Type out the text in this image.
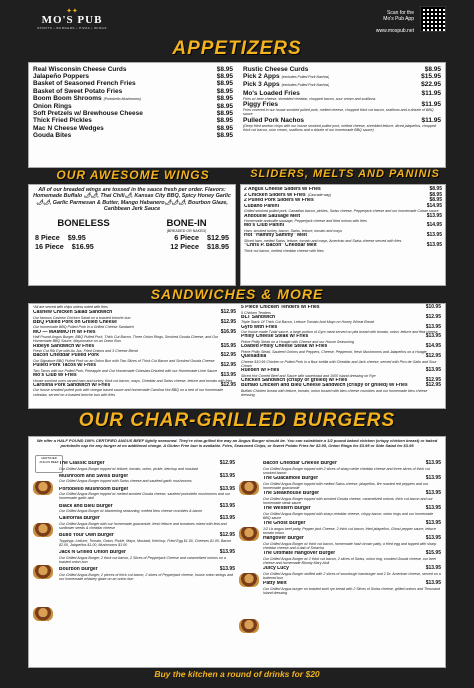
✦✦
MO'S PUB
SPIRITS • BURGERS • PIZZA • WINGS
Scan for the
Mo's Pub App
www.mospub.net
APPETIZERS
Real Wisconsin Cheese Curds	$8.95
Jalapeño Poppers	$8.95
Basket of Seasoned French Fries	$8.95
Basket of Sweet Potato Fries	$8.95
Boom Boom Shrooms (Portobello Mushrooms)	$8.95
Onion Rings	$8.95
Soft Pretzels w/ Brewhouse Cheese	$8.95
Thick Fried Pickles	$8.95
Mac N Cheese Wedges	$8.95
Gouda Bites	$8.95
Rustic Cheese Curds	$8.95
Pick 2 Apps (excludes Pulled Pork Nachos)	$15.95
Pick 3 Apps (excludes Pulled Pork Nachos)	$22.95
Mo's Loaded Fries	$11.95
Fries w/ beer cheese, shredded cheddar, chopped bacon, sour cream and scallions
Piggy Fries	$11.95
Fries covered in our house smoked pulled pork, melted cheese, chopped thick cut bacon, scallions and a drizzle of BBQ sauce
Pulled Pork Nachos	$11.95
(Deep fried wonton chips with our house smoked pulled pork, melted cheese, shredded lettuce, diced jalapeños, chopped thick cut bacon, sour cream, scallions and a drizzle of our homemade BBQ sauce)
OUR AWESOME WINGS
All of our breaded wings are tossed in the sauce fresh per order. Flavors: Homemade Buffalo 🌶🌶, Thai Chili🌶, Kansas City BBQ, Spicy Honey Garlic🌶🌶, Garlic Parmesan & Butter, Mango Habanero🌶🌶🌶, Bourbon Glaze, Caribbean Jerk Sauce
BONELESS	BONE-IN
(BREADED OR NAKED)
8 Piece $9.95	6 Piece $12.95
16 Piece $16.95	12 Piece $18.95
SLIDERS, MELTS AND PANINIS
2 Angus Cheese Sliders w/ Fries	$8.95
2 Chicken Sliders w/ Fries (Cascade way)	$8.95
2 Pulled Pork Sliders w/ Fries	$8.95
Cubano Panini	$14.95
Grilled smoked pulled pork, Canadian bacon, pickles, Swiss cheese, Pepperjack cheese and our homemade Cuban sauce
Andouille Sausage Melt	$13.95
Homemade andouille sausage, Pepperjack cheese and fried onions with fries
Mo's Club Panini	$14.95
Ham, smoked turkey, bacon, Swiss, lettuce, tomato and mayo
Hot "Hammy Sammy" Melt	$13.95
Sliced ham, melted Swiss, lettuce, tomato and mayo, American and Swiss cheese served with fries
"Chris P. Bacon" Cheddar Melt	$13.95
Thick cut bacon, melted cheddar cheese with fries
SANDWICHES & MORE
*All are served with chips unless noted with fries
Cashew Chicken Salad Sandwich	$12.95
Our famous Cashew Chicken Salad on a toasted brioche bun
BBQ Pulled Pork on Grilled Cheese	$12.95
Our homemade BBQ Pulled Pork in a Grilled Cheese Sandwich
MO — MAMMOTH w/ Fries	$16.95
Half Pound Angus Burger, BBQ Pulled Pork, Thick Cut Bacon, Three Onion Rings, Smoked Gouda Cheese, and Our Homemade BBQ Sauce, Mayonnaise on an Onion Bun
Ribeye Sandwich w/ Fries	$15.95
Fresh Cut Rib Eye with Au Jus, Fried Onions and 3 Cheese Blend
Bacon Cheddar Pulled Pork	$12.95
Our Signature BBQ Pulled Pork on an Onion Bun with Two Slices of Thick Cut Bacon and Smoked Gouda Cheese
Pulled Pork Tacos w/ Fries	$12.95
Two Tacos with our Pulled Pork, Pineapple and Our Homemade Coleslaw Drizzled with our Homemade Lime Sauce
Mo's Club w/ Fries	$13.95
House smoked oven carved ham and turkey, thick cut bacon, mayo, Cheddar and Swiss cheese, lettuce and tomato with fries
Carolina Pork Sandwich w/ Fries	$12.95
Our house smoked pulled pork with vinegar based sauce and homemade Carolina Hot BBQ on a bed of our homemade coleslaw, served on a toasted brioche bun with fries
5 Piece Chicken Tenders w/ Fries	$10.95
5 Chicken Tenders
BLT Sandwich	$12.95
Triple Stack Of Thick Cut Bacon, Lettuce Tomato And Mayo on Honey Wheat Bread
Gyro with Fries	$13.95
Our house made Tzaki sauce, a large portion of Gyro meat served on pita bread with tomato, onion, lettuce and feta cheese
Philly Cheese Steak w/ Fries	$13.95
Prime Philly Steak on a Hoagie with Cheese and our House Seasoning
Loaded Philly Cheese Steak w/ Fries	$14.95
Prime Philly Steak, Sauteed Onions and Peppers, Cheese, Pepperoni, fresh Mushrooms and Jalapeños on a Hoagie
Quesadilla	$12.95
Cheese $10.95 Chicken or Pulled Pork in a flour tortilla with Cheddar and Jack cheese, served with Pico de Gallo and Sour Cream
Rueben w/ Fries	$13.95
Sliced Hot Corned Beef and Sauce with sauerkraut and 1000 Island dressing on Rye
Chicken Sandwich (crispy or grilled) w/ Fries	$12.95
Buffalo Chicken and Bleu Cheese Sandwich (crispy or grilled) w/ Fries	$12.95
Buffalo Chicken breast with lettuce, tomato, onion tossed with bleu cheese crumbles and our homemade bleu cheese dressing
OUR CHAR-GRILLED BURGERS
We offer a HALF POUND 100% CERTIFIED ANGUS BEEF lightly seasoned. They're char-grilled the way an Angus Burger should be. You can substitute a 1/2 pound baked chicken (crispy chicken breast) or baked portobello cap for any burger at no additional charge. A Gluten Free bun is available. Fries, Seasoned Chips, or Sweet Potato Fries for $2.95, Onion Rings for $3.95 or Side Salad for $3.95
CERTIFIED ANGUS BEEF The Classic Burger	$12.95
Our Grilled Angus Burger topped w/ lettuce, tomato, onion, pickle, ketchup and mustard
Mushroom and Swiss Burger	$13.95
Our Grilled Angus Burger topped with Swiss cheese and sautéed garlic mushrooms
Portobello Mushroom Burger	$13.95
Our Grilled Angus Burger topped w/ melted smoked Gouda cheese, sautéed portobello mushrooms and our homemade garlic aioli
Black and Bleu Burger	$13.95
Our Grilled Angus Burger w/ blackening seasoning, melted bleu cheese crumbles & bacon
California Burger	$13.95
Our Grilled Angus Burger with our homemade guacamole, fresh lettuce and tomatoes mixed with feta and sunflower seeds & cheddar cheese
Build Your Own Burger	$12.95
Toppings: Lettuce, Tomato, Onion, Pickle, Mayo, Mustard, Ketchup, Fried Egg $1.50, Cheeses $1.00, Bacon $2.00, Jalapeños $1.00, Mushrooms $1.00
Jack N Grilled Onion Burger	$13.95
Our Grilled Angus Burger, 2 thick cut bacon, 2 Slices of Pepperjack Cheese and caramelized onions on a toasted onion bun
Bourbon Burger	$13.95
Our Grilled Angus Burger, 2 pieces of thick cut bacon, 2 slices of Pepperjack cheese, house onion strings and our homemade whiskey glaze on an onion bun
Bacon Cheddar Cheese Burger	$13.95
Our Grilled Angus Burger topped with 2 slices of sharp white cheddar cheese and three slices of thick cut smoked bacon
The Guacamole Burger	$13.95
Our Grilled Angus Burger topped with melted Swiss cheese, jalapeños, fire roasted red peppers and our homemade guacamole
The Steakhouse Burger	$13.95
Our Grilled Angus Burger topped with smoked Gouda cheese, caramelized onions, thick cut bacon and our homemade steak sauce
The Western Burger	$13.95
Our Grilled Angus Burger topped with sharp cheddar cheese, crispy bacon, onion rings and our homemade BBQ sauce
The Ghost Burger	$13.95
1/2 Lb angus beef patty, Pepper jack Cheese, 2 thick cut bacon, fried jalapeños, Ghost pepper sauce, lettuce tomato onion
Hangover Burger	$13.95
Our Grilled Angus Burger w/ thick cut bacon, homemade hash brown patty, a fried egg and topped with sharp cheddar cheese and a dab of Sriracha
The Ultimate Hangover Burger	$15.95
Our Grilled Angus Burger w/ 2 thick cut bacon, 2 slices of Swiss, onion ring, smoked Gouda cheese, our beer cheese and homemade Bloody Mary Aioli
Juicy Lucy	$13.95
Our Grilled Angus Burger stuffed with 2 slices of sourdough hamburger and 2 Dr. American cheese, served on a buttered bun
Patty Melt	$13.95
Our Grilled Angus burger on toasted swirl rye bread with 2 Slices of Swiss cheese, grilled onions and Thousand Island dressing
Buy the kitchen a round of drinks for $20
